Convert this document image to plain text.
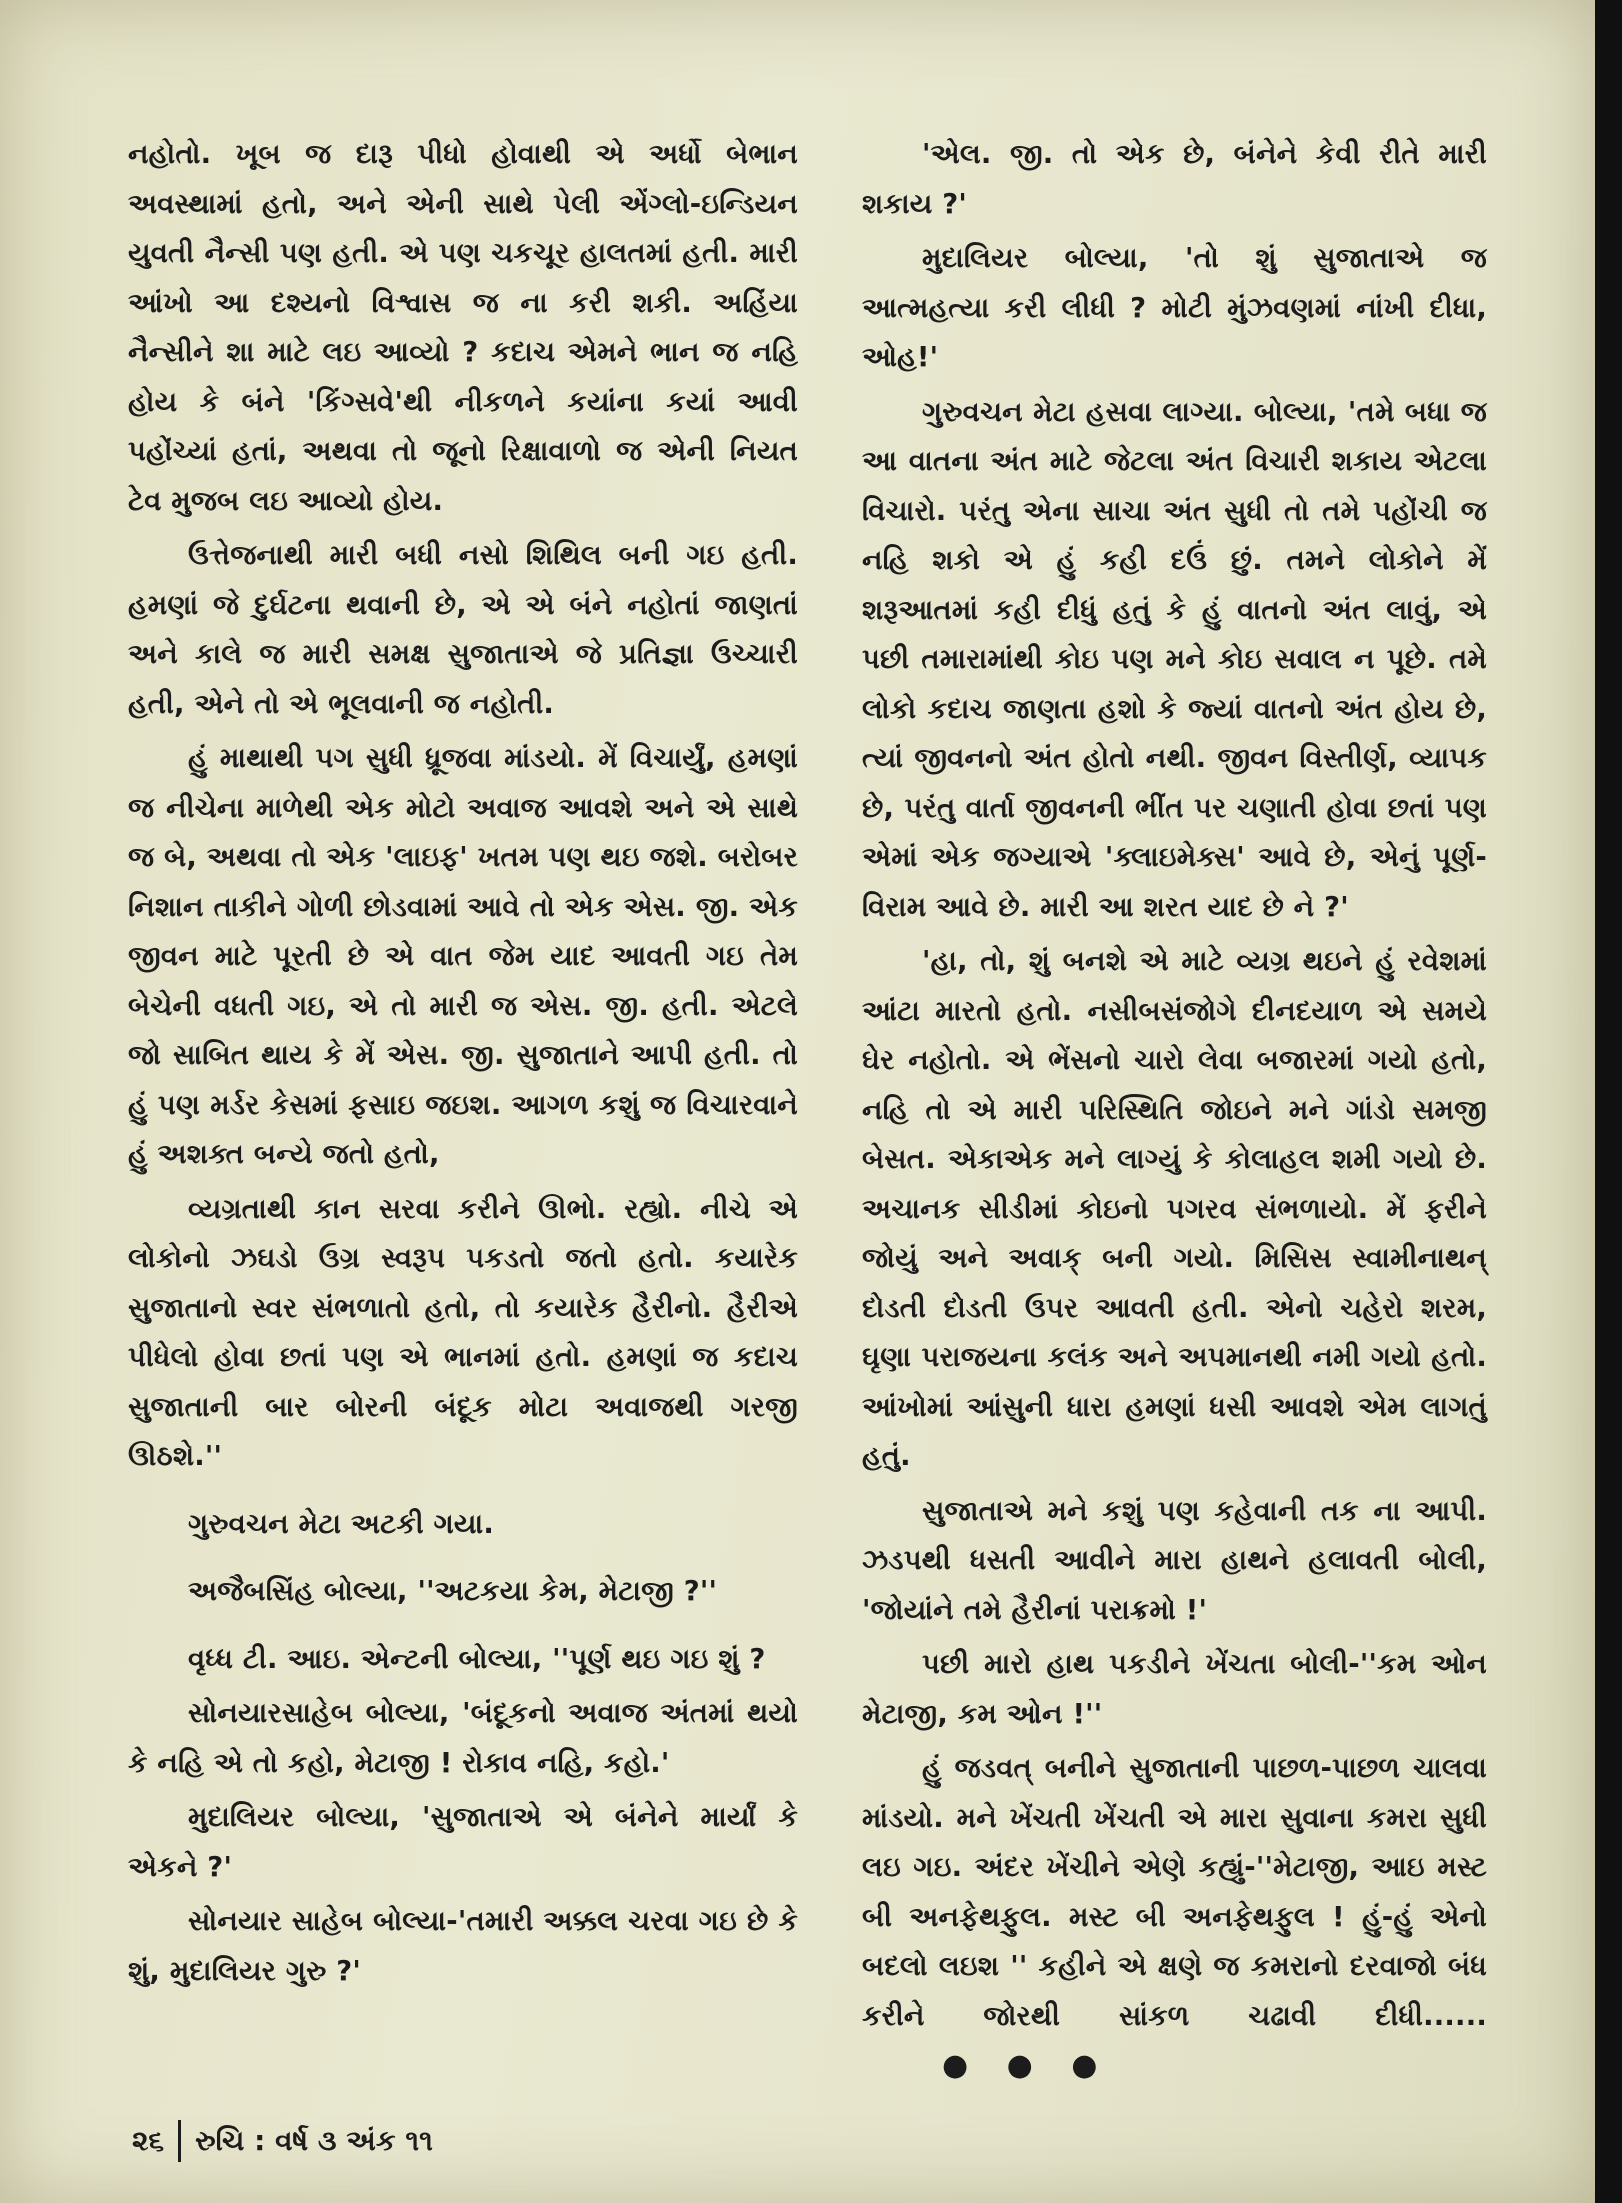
નહોતો. ખૂબ જ દારૂ પીધો હોવાથી એ અર્ધો બેભાન અવસ્થામાં હતો, અને એની સાથે પેલી એંગ્લો-ઇન્ડિયન યુવતી નૈન્સી પણ હતી. એ પણ ચકચૂર હાલતમાં હતી. મારી આંખો આ દશ્યનો વિશ્વાસ જ ના કરી શકી. અહિંયા નૈન્સીને શા માટે લઇ આવ્યો ? કદાચ એમને ભાન જ નહિ હોય કે બંને 'કિંગ્સવે'થી નીકળને કયાંના કયાં આવી પહોંચ્યાં હતાં, અથવા તો જૂનો રિક્ષાવાળો જ એની નિયત ટેવ મુજબ લઇ આવ્યો હોય.

ઉત્તેજનાથી મારી બધી નસો શિથિલ બની ગઇ હતી. હમણાં જે દુર્ઘટના થવાની છે, એ એ બંને નહોતાં જાણતાં અને કાલે જ મારી સમક્ષ સુજાતાએ જે પ્રતિજ્ઞા ઉચ્ચારી હતી, એને તો એ ભૂલવાની જ નહોતી.

હું માથાથી પગ સુધી ધ્રૂજવા માંડયો. મેં વિચાર્યું, હમણાં જ નીચેના માળેથી એક મોટો અવાજ આવશે અને એ સાથે જ બે, અથવા તો એક 'લાઇફ' ખતમ પણ થઇ જશે. બરોબર નિશાન તાકીને ગોળી છોડવામાં આવે તો એક એસ. જી. એક જીવન માટે પૂરતી છે એ વાત જેમ યાદ આવતી ગઇ તેમ બેચેની વધતી ગઇ, એ તો મારી જ એસ. જી. હતી. એટલે જો સાબિત થાય કે મેં એસ. જી. સુજાતાને આપી હતી. તો હું પણ મર્ડર કેસમાં ફસાઇ જઇશ. આગળ કશું જ વિચારવાને હું અશક્ત બન્યે જતો હતો,

વ્યગ્રતાથી કાન સરવા કરીને ઊભો. રહ્યો. નીચે એ લોકોનો ઝઘડો ઉગ્ર સ્વરૂપ પકડતો જતો હતો. કયારેક સુજાતાનો સ્વર સંભળાતો હતો, તો કયારેક હૈરીનો. હૈરીએ પીધેલો હોવા છતાં પણ એ ભાનમાં હતો. હમણાં જ કદાચ સુજાતાની બાર બોરની બંદૂક મોટા અવાજથી ગરજી ઊઠશે.''

ગુરુવચન મેટા અટકી ગયા.

અજૈબસિંહ બોલ્યા, ''અટકયા કેમ, મેટાજી ?''

વૃધ્ધ ટી. આઇ. એન્ટની બોલ્યા, ''પૂર્ણ થઇ ગઇ શું ?

સોનયારસાહેબ બોલ્યા, 'બંદૂકનો અવાજ અંતમાં થયો કે નહિ એ તો કહો, મેટાજી ! રોકાવ નહિ, કહો.'

મુદાલિયર બોલ્યા, 'સુજાતાએ એ બંનેને માર્યાં કે એકને ?'

સોનયાર સાહેબ બોલ્યા-'તમારી અક્કલ ચરવા ગઇ છે કે શું, મુદાલિયર ગુરુ ?'

'એલ. જી. તો એક છે, બંનેને કેવી રીતે મારી શકાય ?'

મુદાલિયર બોલ્યા, 'તો શું સુજાતાએ જ આત્મહત્યા કરી લીધી ? મોટી મુંઝવણમાં નાંખી દીધા, ઓહ!'

ગુરુવચન મેટા હસવા લાગ્યા. બોલ્યા, 'તમે બધા જ આ વાતના અંત માટે જેટલા અંત વિચારી શકાય એટલા વિચારો. પરંતુ એના સાચા અંત સુધી તો તમે પહોંચી જ નહિ શકો એ હું કહી દઉં છું. તમને લોકોને મેં શરૂઆતમાં કહી દીધું હતું કે હું વાતનો અંત લાવું, એ પછી તમારામાંથી કોઇ પણ મને કોઇ સવાલ ન પૂછે. તમે લોકો કદાચ જાણતા હશો કે જ્યાં વાતનો અંત હોય છે, ત્યાં જીવનનો અંત હોતો નથી. જીવન વિસ્તીર્ણ, વ્યાપક છે, પરંતુ વાર્તા જીવનની ભીંત પર ચણાતી હોવા છતાં પણ એમાં એક જગ્યાએ 'ક્લાઇમેક્સ' આવે છે, એનું પૂર્ણ-વિરામ આવે છે. મારી આ શરત યાદ છે ને ?'

'હા, તો, શું બનશે એ માટે વ્યગ્ર થઇને હું રવેશમાં આંટા મારતો હતો. નસીબસંજોગે દીનદયાળ એ સમયે ઘેર નહોતો. એ ભેંસનો ચારો લેવા બજારમાં ગયો હતો, નહિ તો એ મારી પરિસ્થિતિ જોઇને મને ગાંડો સમજી બેસત. એકાએક મને લાગ્યું કે કોલાહલ શમી ગયો છે. અચાનક સીડીમાં કોઇનો પગરવ સંભળાયો. મેં ફરીને જોયું અને અવાક્ બની ગયો. મિસિસ સ્વામીનાથન્ દોડતી દોડતી ઉપર આવતી હતી. એનો ચહેરો શરમ, ઘૃણા પરાજયના કલંક અને અપમાનથી નમી ગયો હતો. આંખોમાં આંસુની ધારા હમણાં ધસી આવશે એમ લાગતું હતું.

સુજાતાએ મને કશું પણ કહેવાની તક ના આપી. ઝડપથી ધસતી આવીને મારા હાથને હલાવતી બોલી, 'જોયાંને તમે હૈરીનાં પરાક્રમો !'

પછી મારો હાથ પકડીને ખેંચતા બોલી-''કમ ઓન મેટાજી, કમ ઓન !''

હું જડવત્ બનીને સુજાતાની પાછળ-પાછળ ચાલવા માંડયો. મને ખેંચતી ખેંચતી એ મારા સુવાના કમરા સુધી લઇ ગઇ. અંદર ખેંચીને એણે કહ્યું-''મેટાજી, આઇ મસ્ટ બી અનફેથફુલ. મસ્ટ બી અનફેથફુલ ! હું-હું એનો બદલો લઇશ '' કહીને એ ક્ષણે જ કમરાનો દરવાજો બંધ કરીને જોરથી સાંકળ ચઢાવી દીધી......● ● ●

૨૬ રુચિ : વર્ષ ૩ અંક ૧૧
